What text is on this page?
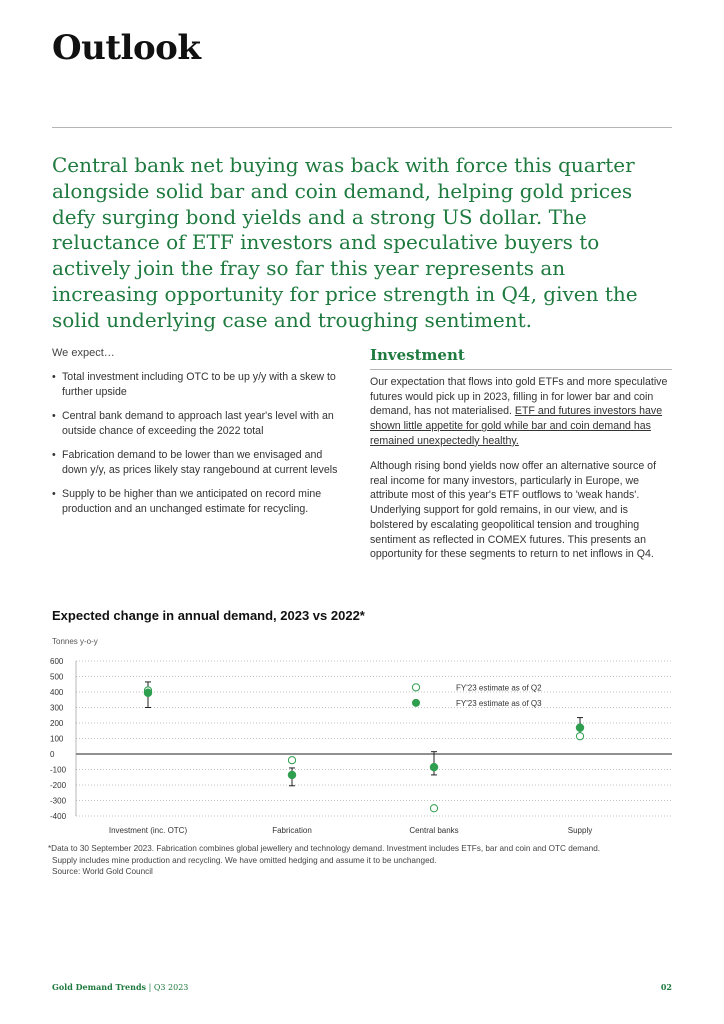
Outlook

Central bank net buying was back with force this quarter alongside solid bar and coin demand, helping gold prices defy surging bond yields and a strong US dollar. The reluctance of ETF investors and speculative buyers to actively join the fray so far this year represents an increasing opportunity for price strength in Q4, given the solid underlying case and troughing sentiment.

We expect…

• Total investment including OTC to be up y/y with a skew to further upside
• Central bank demand to approach last year's level with an outside chance of exceeding the 2022 total
• Fabrication demand to be lower than we envisaged and down y/y, as prices likely stay rangebound at current levels
• Supply to be higher than we anticipated on record mine production and an unchanged estimate for recycling.
Investment

Our expectation that flows into gold ETFs and more speculative futures would pick up in 2023, filling in for lower bar and coin demand, has not materialised. ETF and futures investors have shown little appetite for gold while bar and coin demand has remained unexpectedly healthy.

Although rising bond yields now offer an alternative source of real income for many investors, particularly in Europe, we attribute most of this year's ETF outflows to 'weak hands'. Underlying support for gold remains, in our view, and is bolstered by escalating geopolitical tension and troughing sentiment as reflected in COMEX futures. This presents an opportunity for these segments to return to net inflows in Q4.

Expected change in annual demand, 2023 vs 2022*
Tonnes y-o-y
600
500
400
300
200
100
0
-100
-200
-300
-400
Investment (inc. OTC)	Fabrication	Central banks	Supply
FY'23 estimate as of Q2
FY'23 estimate as of Q3

*Data to 30 September 2023. Fabrication combines global jewellery and technology demand. Investment includes ETFs, bar and coin and OTC demand.

Supply includes mine production and recycling. We have omitted hedging and assume it to be unchanged.

Source: World Gold Council

Gold Demand Trends | Q3 2023	02
